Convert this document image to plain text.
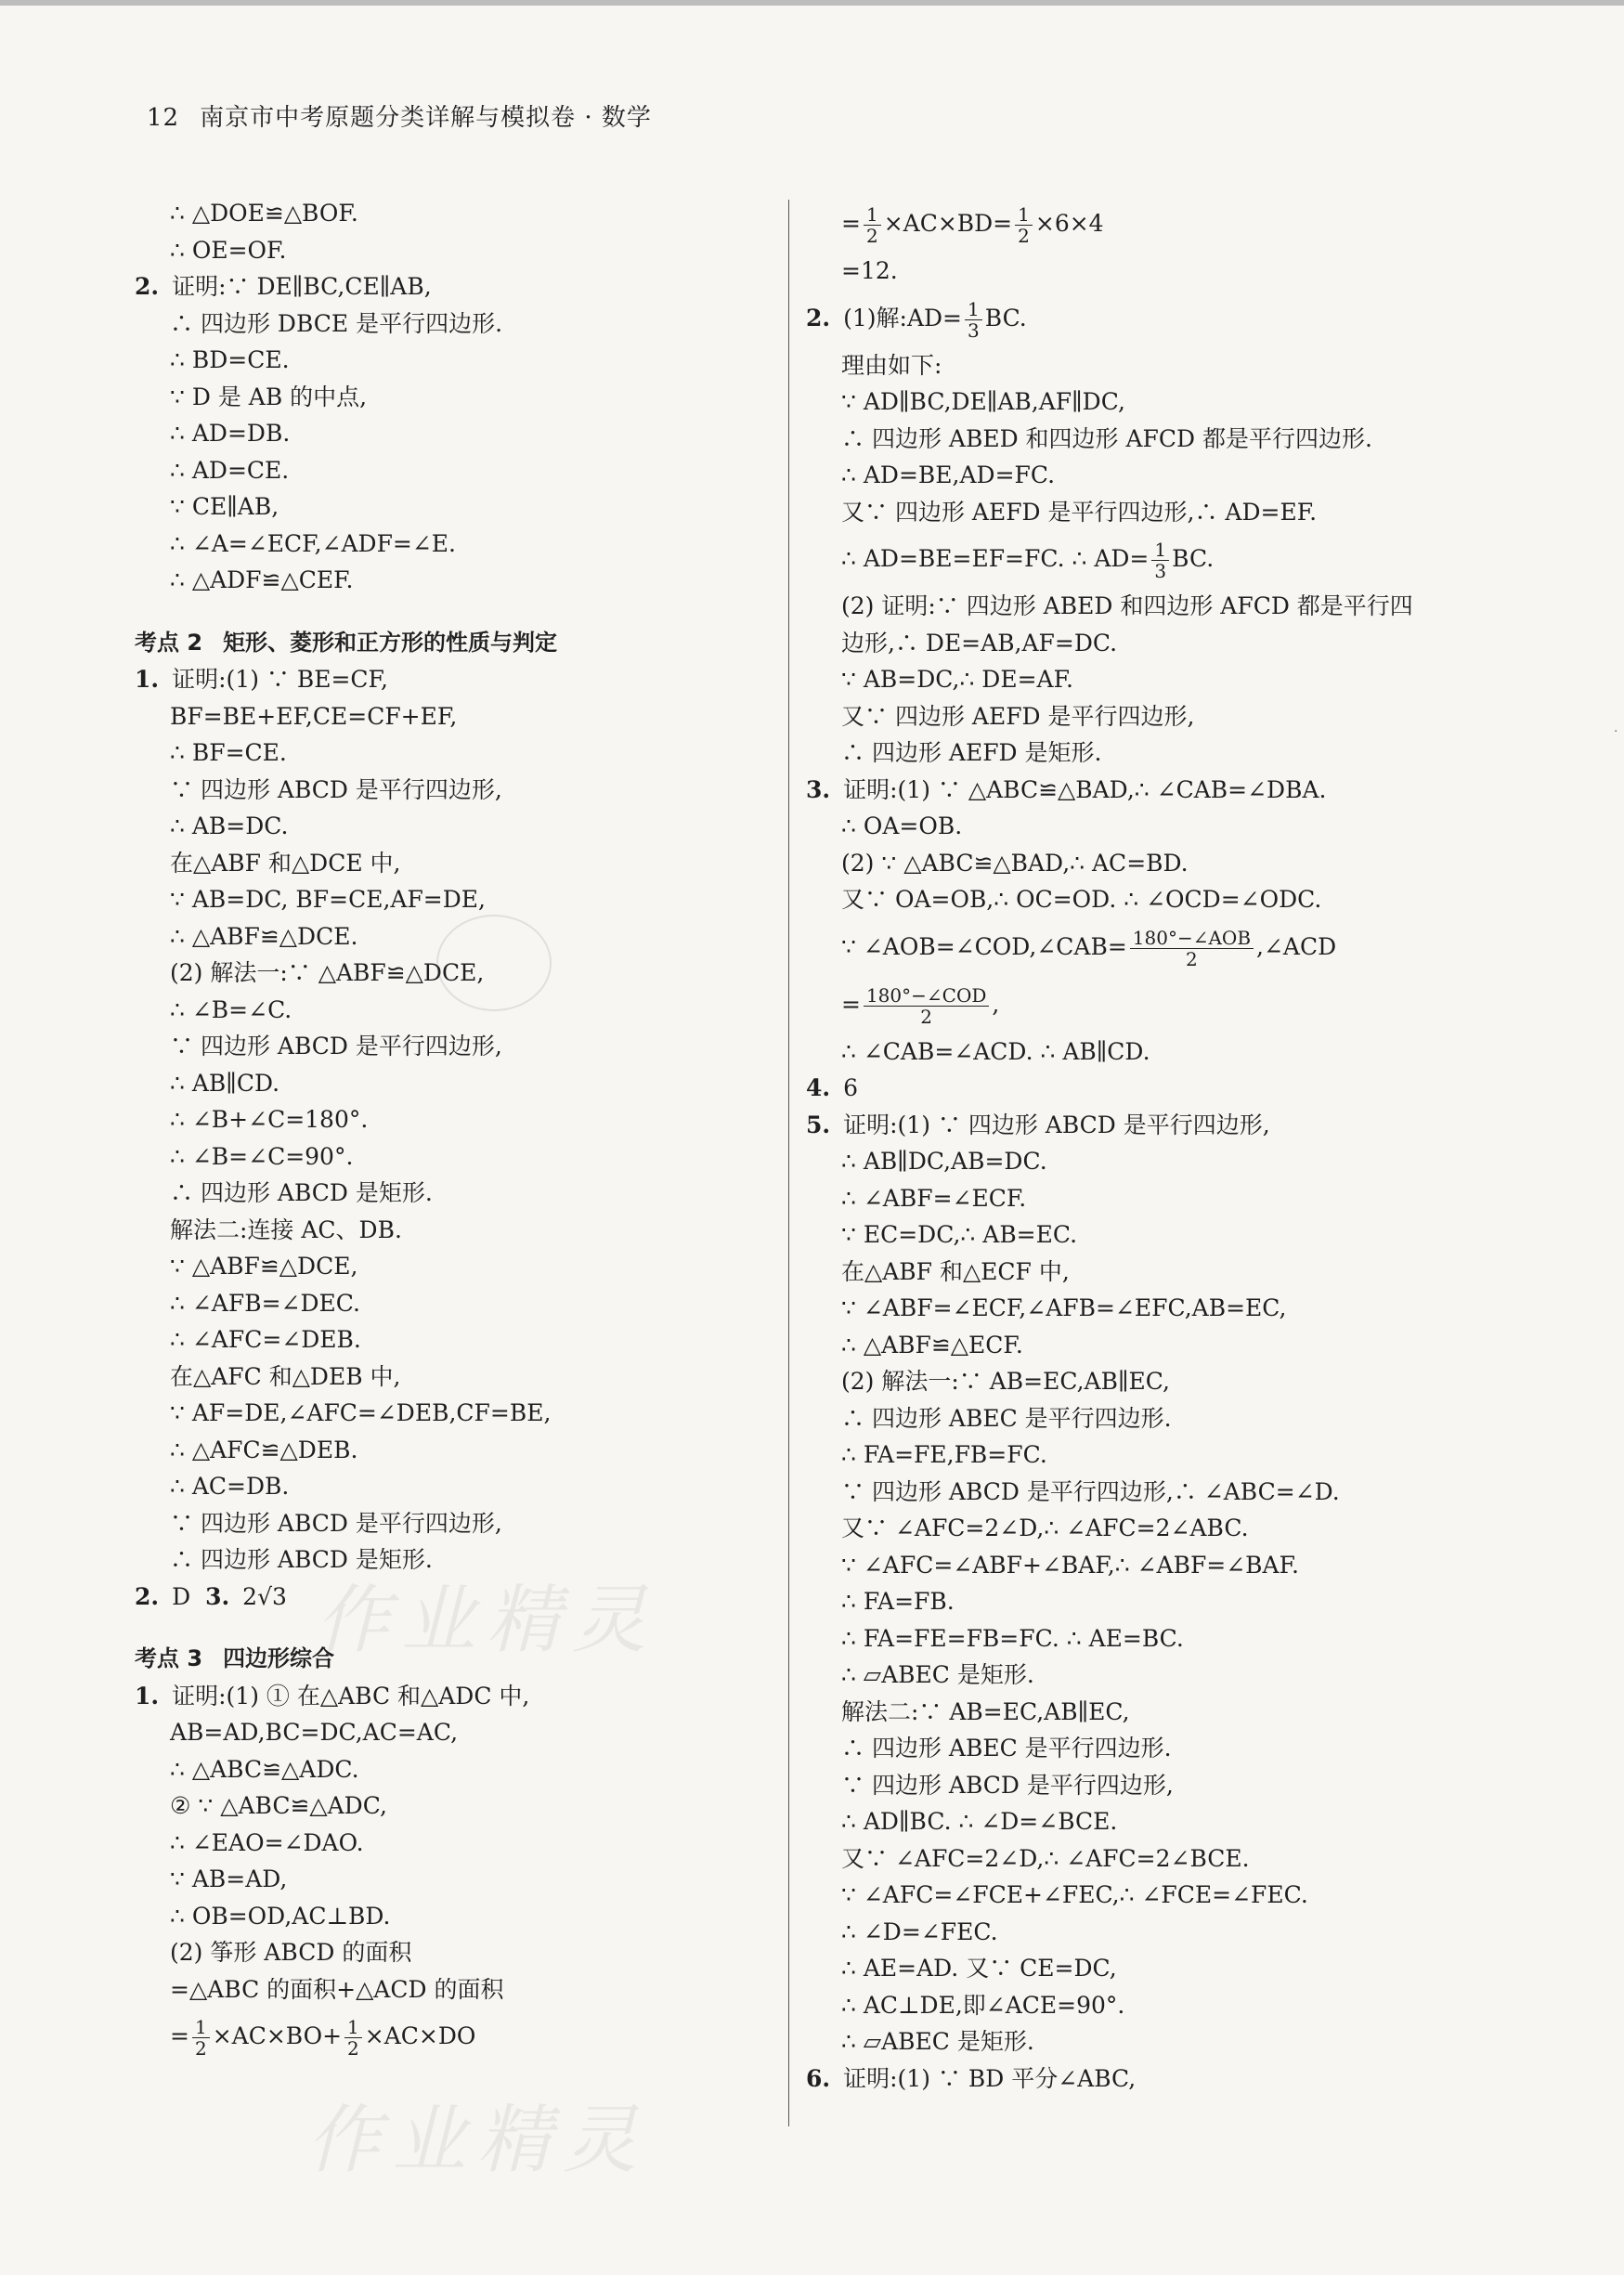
12 南京市中考原题分类详解与模拟卷 · 数学
∴ △DOE≌△BOF.
∴ OE=OF.
2. 证明:∵ DE∥BC,CE∥AB,
∴ 四边形 DBCE 是平行四边形.
∴ BD=CE.
∵ D 是 AB 的中点,
∴ AD=DB.
∴ AD=CE.
∵ CE∥AB,
∴ ∠A=∠ECF,∠ADF=∠E.
∴ △ADF≌△CEF.
考点 2 矩形、菱形和正方形的性质与判定
1. 证明:(1) ∵ BE=CF,
BF=BE+EF,CE=CF+EF,
∴ BF=CE.
∵ 四边形 ABCD 是平行四边形,
∴ AB=DC.
在△ABF 和△DCE 中,
∵ AB=DC, BF=CE,AF=DE,
∴ △ABF≌△DCE.
(2) 解法一:∵ △ABF≌△DCE,
∴ ∠B=∠C.
∵ 四边形 ABCD 是平行四边形,
∴ AB∥CD.
∴ ∠B+∠C=180°.
∴ ∠B=∠C=90°.
∴ 四边形 ABCD 是矩形.
解法二:连接 AC、DB.
∵ △ABF≌△DCE,
∴ ∠AFB=∠DEC.
∴ ∠AFC=∠DEB.
在△AFC 和△DEB 中,
∵ AF=DE,∠AFC=∠DEB,CF=BE,
∴ △AFC≌△DEB.
∴ AC=DB.
∵ 四边形 ABCD 是平行四边形,
∴ 四边形 ABCD 是矩形.
2. D 3. 2√3
考点 3 四边形综合
1. 证明:(1) ① 在△ABC 和△ADC 中,
AB=AD,BC=DC,AC=AC,
∴ △ABC≌△ADC.
② ∵ △ABC≌△ADC,
∴ ∠EAO=∠DAO.
∵ AB=AD,
∴ OB=OD,AC⊥BD.
(2) 筝形 ABCD 的面积
=△ABC 的面积+△ACD 的面积
= $\frac{1}{2} \times AC\times BO+ \frac{1}{2} \times AC\times DO$
= $\frac{1}{2} \times AC\times BD= \frac{1}{2} \times 6\times 4$
=12.
2. (1)解:AD= $\frac{1}{3}$ BC.
理由如下:
∵ AD∥BC,DE∥AB,AF∥DC,
∴ 四边形 ABED 和四边形 AFCD 都是平行四边形.
∴ AD=BE,AD=FC.
又∵ 四边形 AEFD 是平行四边形,∴ AD=EF.
∴ AD=BE=EF=FC. ∴ $AD= \frac{1}{3}$ BC.
(2) 证明:∵ 四边形 ABED 和四边形 AFCD 都是平行四
边形,∴ DE=AB,AF=DC.
∵ AB=DC,∴ DE=AF.
又∵ 四边形 AEFD 是平行四边形,
∴ 四边形 AEFD 是矩形.
3. 证明:(1) ∵ △ABC≌△BAD,∴ ∠CAB=∠DBA.
∴ OA=OB.
(2) ∵ △ABC≌△BAD,∴ AC=BD.
又∵ OA=OB,∴ OC=OD. ∴ ∠OCD=∠ODC.
∵ ∠AOB=∠COD,∠CAB= $\frac{\text{180°−∠AOB}}{2}$ ,∠ACD
= $\frac{\text{180°−∠COD}}{2}$ ,
∴ ∠CAB=∠ACD. ∴ AB∥CD.
4. 6
5. 证明:(1) ∵ 四边形 ABCD 是平行四边形,
∴ AB∥DC,AB=DC.
∴ ∠ABF=∠ECF.
∵ EC=DC,∴ AB=EC.
在△ABF 和△ECF 中,
∵ ∠ABF=∠ECF,∠AFB=∠EFC,AB=EC,
∴ △ABF≌△ECF.
(2) 解法一:∵ AB=EC,AB∥EC,
∴ 四边形 ABEC 是平行四边形.
∴ FA=FE,FB=FC.
∵ 四边形 ABCD 是平行四边形,∴ ∠ABC=∠D.
又∵ ∠AFC=2∠D,∴ ∠AFC=2∠ABC.
∵ ∠AFC=∠ABF+∠BAF,∴ ∠ABF=∠BAF.
∴ FA=FB.
∴ FA=FE=FB=FC. ∴ AE=BC.
∴ ▱ABEC 是矩形.
解法二:∵ AB=EC,AB∥EC,
∴ 四边形 ABEC 是平行四边形.
∵ 四边形 ABCD 是平行四边形,
∴ AD∥BC. ∴ ∠D=∠BCE.
又∵ ∠AFC=2∠D,∴ ∠AFC=2∠BCE.
∵ ∠AFC=∠FCE+∠FEC,∴ ∠FCE=∠FEC.
∴ ∠D=∠FEC.
∴ AE=AD. 又∵ CE=DC,
∴ AC⊥DE,即∠ACE=90°.
∴ ▱ABEC 是矩形.
6. 证明:(1) ∵ BD 平分∠ABC,
作业精灵
作业精灵
·
